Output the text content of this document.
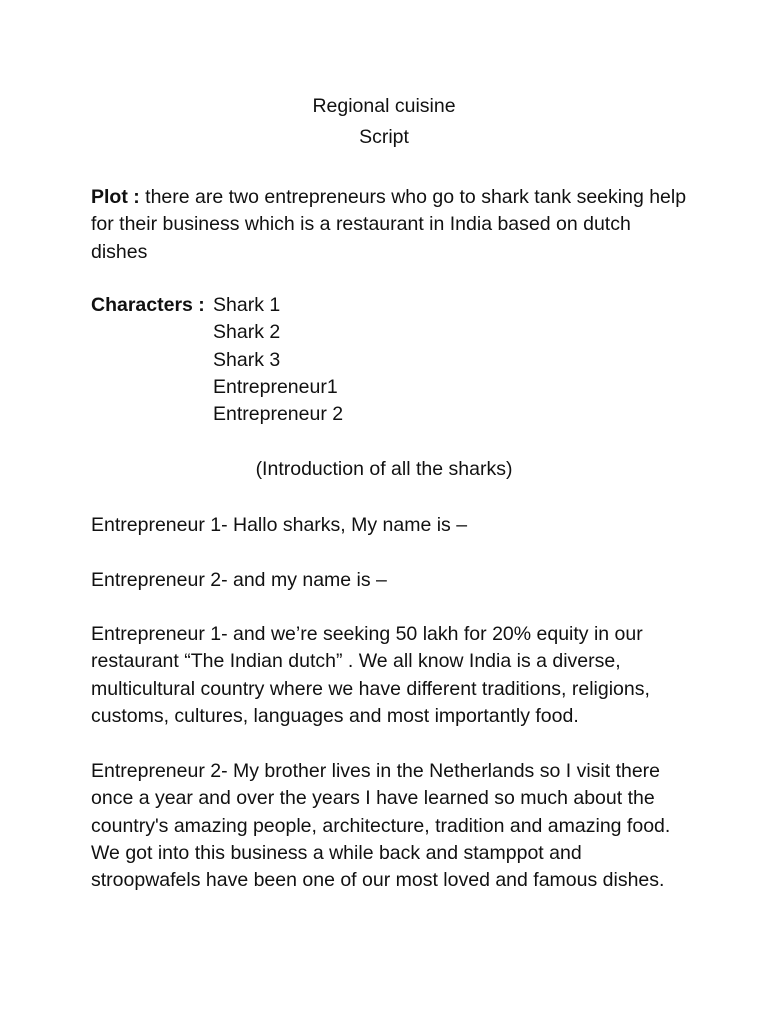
Regional cuisine
Script

Plot : there are two entrepreneurs who go to shark tank seeking help for their business which is a restaurant in India based on dutch dishes

Characters : Shark 1
Shark 2
Shark 3
Entrepreneur1
Entrepreneur 2
(Introduction of all the sharks)

Entrepreneur 1- Hallo sharks, My name is –

Entrepreneur 2- and my name is –

Entrepreneur 1- and we’re seeking 50 lakh for 20% equity in our restaurant “The Indian dutch” . We all know India is a diverse, multicultural country where we have different traditions, religions, customs, cultures, languages and most importantly food.

Entrepreneur 2- My brother lives in the Netherlands so I visit there once a year and over the years I have learned so much about the country's amazing people, architecture, tradition and amazing food. We got into this business a while back and stamppot and stroopwafels have been one of our most loved and famous dishes.
